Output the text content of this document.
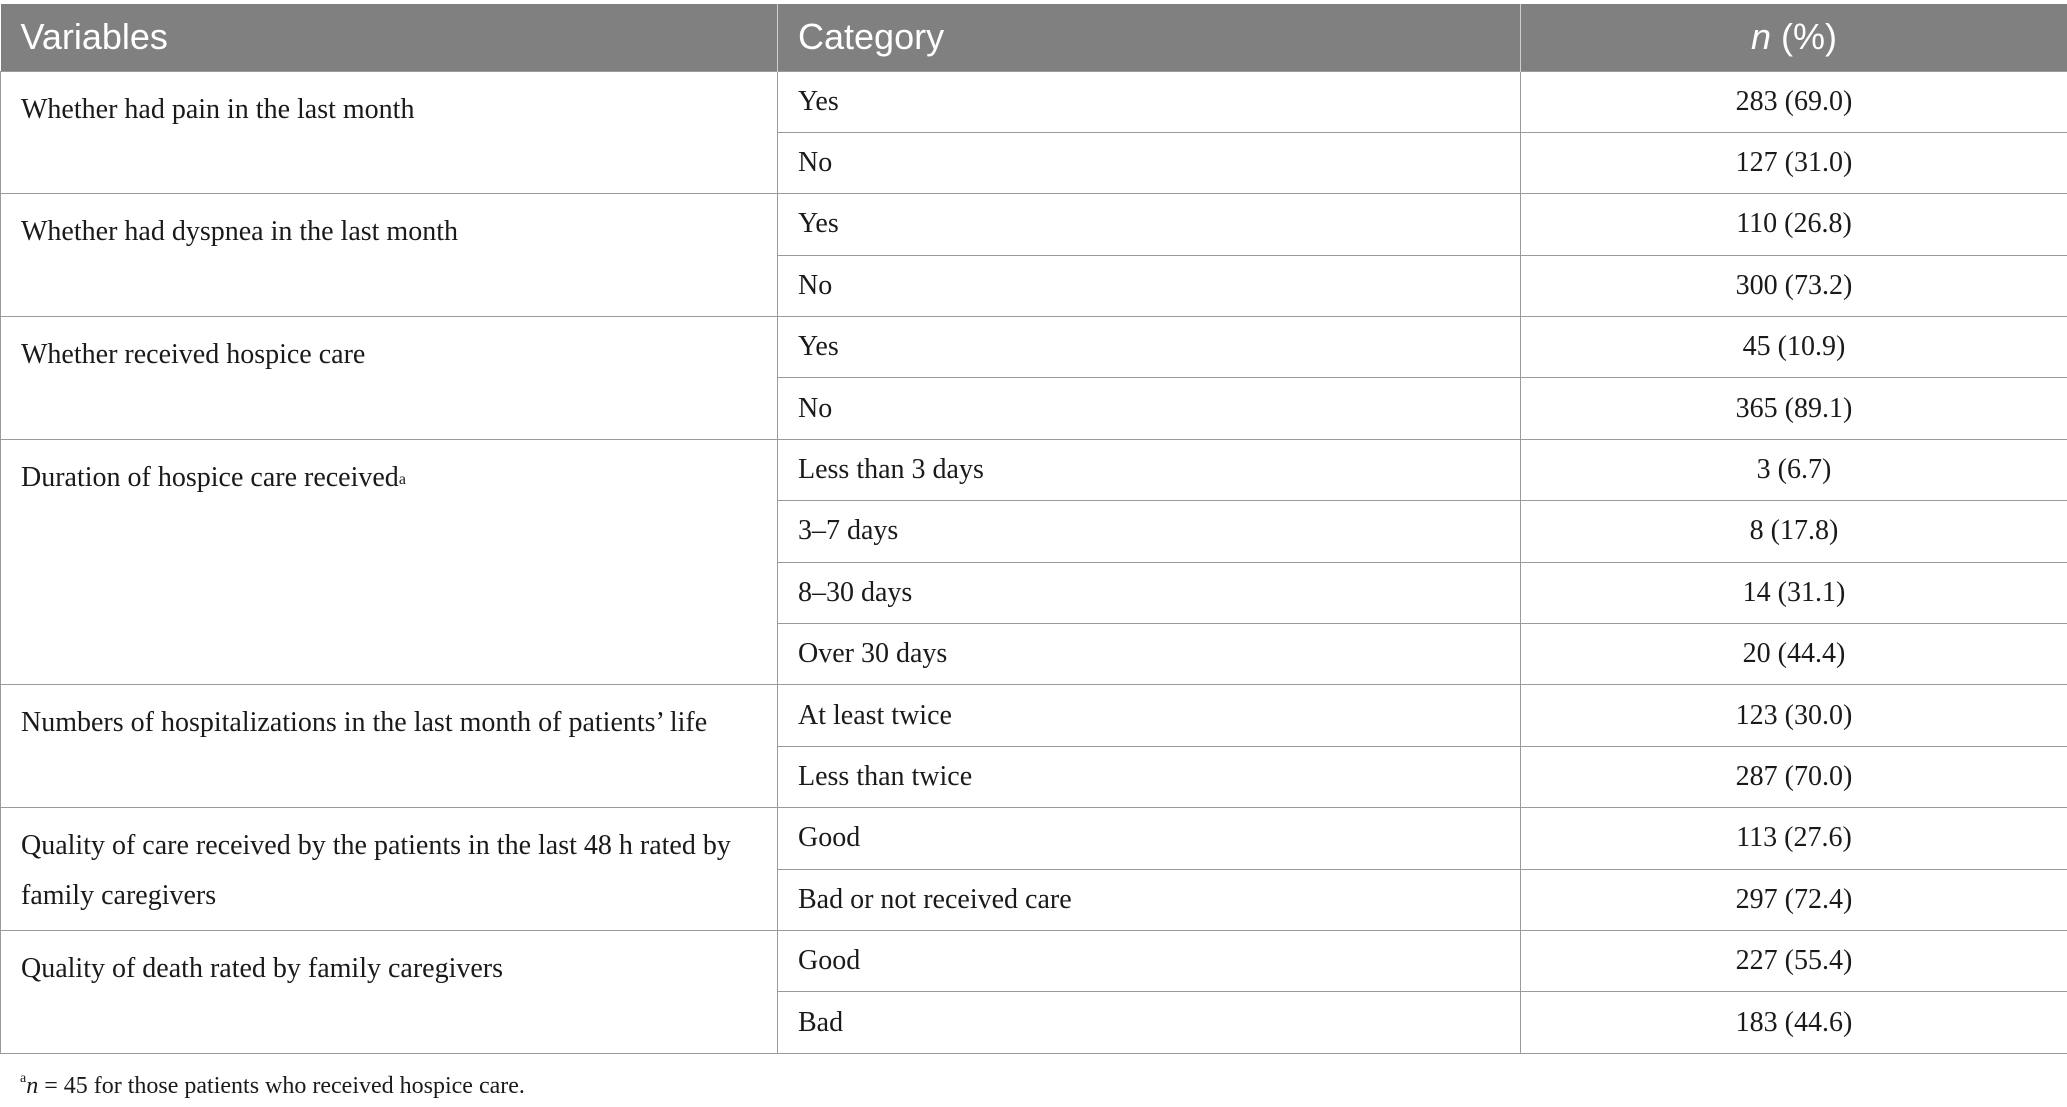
Variables	Category	n (%)
Whether had pain in the last month	Yes	283 (69.0)
	No	127 (31.0)
Whether had dyspnea in the last month	Yes	110 (26.8)
	No	300 (73.2)
Whether received hospice care	Yes	45 (10.9)
	No	365 (89.1)
Duration of hospice care received$^a$	Less than 3 days	3 (6.7)
	3–7 days	8 (17.8)
	8–30 days	14 (31.1)
	Over 30 days	20 (44.4)
Numbers of hospitalizations in the last month of patients’ life	At least twice	123 (30.0)
	Less than twice	287 (70.0)
Quality of care received by the patients in the last 48 h rated by family caregivers	Good	113 (27.6)
	Bad or not received care	297 (72.4)
Quality of death rated by family caregivers	Good	227 (55.4)
	Bad	183 (44.6)
$^a$n = 45 for those patients who received hospice care.
